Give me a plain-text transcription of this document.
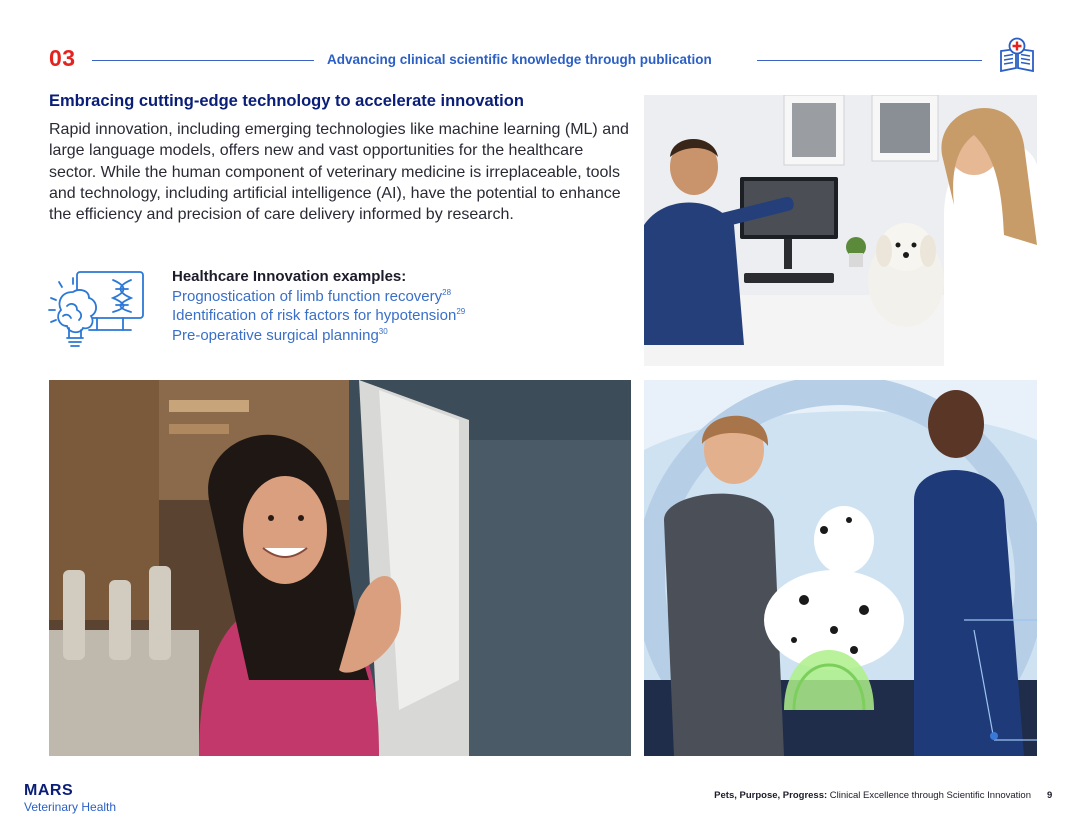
03	Advancing clinical scientific knowledge through publication
Embracing cutting-edge technology to accelerate innovation
Rapid innovation, including emerging technologies like machine learning (ML) and large language models, offers new and vast opportunities for the healthcare sector. While the human component of veterinary medicine is irreplaceable, tools and technology, including artificial intelligence (AI), have the potential to enhance the efficiency and precision of care delivery informed by research.
Healthcare Innovation examples:
Prognostication of limb function recovery$^{28}$
Identification of risk factors for hypotension$^{29}$
Pre-operative surgical planning$^{30}$
MARS
Veterinary Health
Pets, Purpose, Progress: Clinical Excellence through Scientific Innovation 9
